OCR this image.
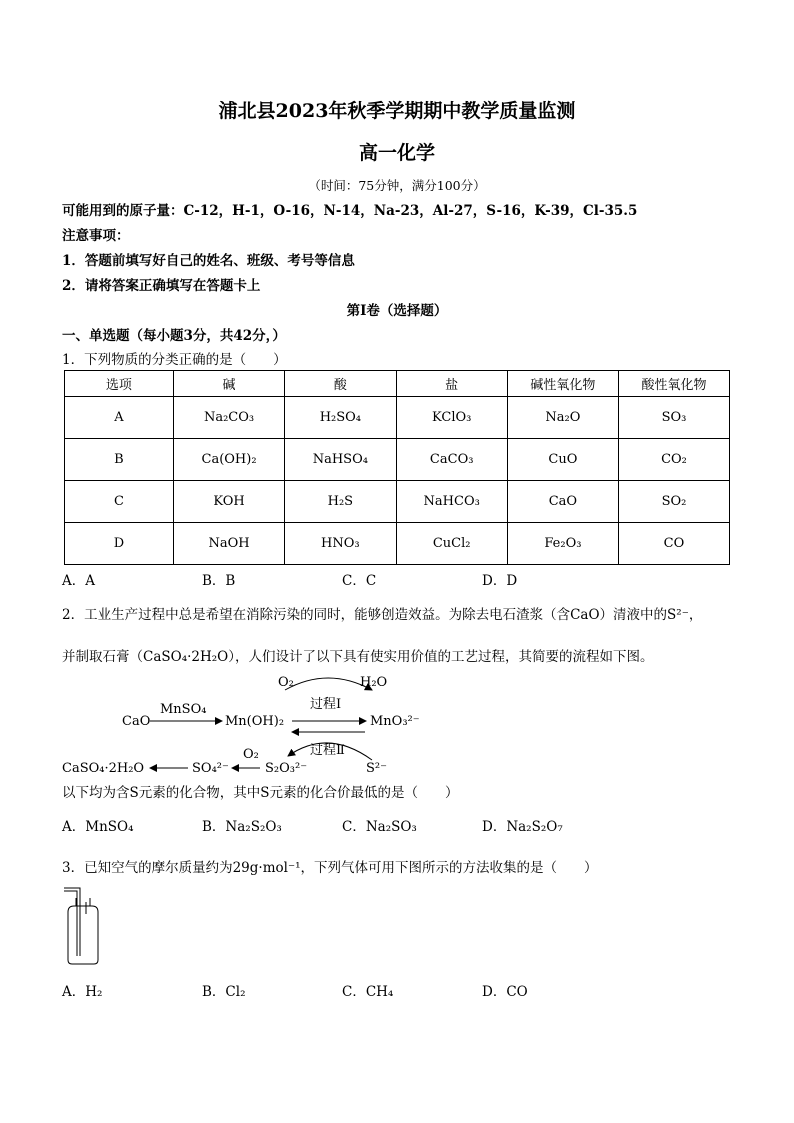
浦北县2023年秋季学期期中教学质量监测
高一化学
（时间：75分钟，满分100分）
可能用到的原子量：C-12，H-1，O-16，N-14，Na-23，Al-27，S-16，K-39，Cl-35.5
注意事项：
1．答题前填写好自己的姓名、班级、考号等信息
2．请将答案正确填写在答题卡上
第Ⅰ卷（选择题）
一、单选题（每小题3分，共42分，）
1．下列物质的分类正确的是（　　）
选项	碱	酸	盐	碱性氧化物	酸性氧化物
A	Na₂CO₃	H₂SO₄	KClO₃	Na₂O	SO₃
B	Ca(OH)₂	NaHSO₄	CaCO₃	CuO	CO₂
C	KOH	H₂S	NaHCO₃	CaO	SO₂
D	NaOH	HNO₃	CuCl₂	Fe₂O₃	CO
A．A	B．B	C．C	D．D
2．工业生产过程中总是希望在消除污染的同时，能够创造效益。为除去电石渣浆（含CaO）清液中的S²⁻，
并制取石膏（CaSO₄·2H₂O），人们设计了以下具有使实用价值的工艺过程，其简要的流程如下图。
CaO
MnSO₄
Mn(OH)₂
O₂	H₂O
过程Ⅰ
MnO₃²⁻
过程Ⅱ
S²⁻
S₂O₃²⁻
O₂
SO₄²⁻
CaSO₄·2H₂O
以下均为含S元素的化合物，其中S元素的化合价最低的是（　　）
A．MnSO₄	B．Na₂S₂O₃	C．Na₂SO₃	D．Na₂S₂O₇
3．已知空气的摩尔质量约为29g·mol⁻¹，下列气体可用下图所示的方法收集的是（　　）
A．H₂	B．Cl₂	C．CH₄	D．CO
